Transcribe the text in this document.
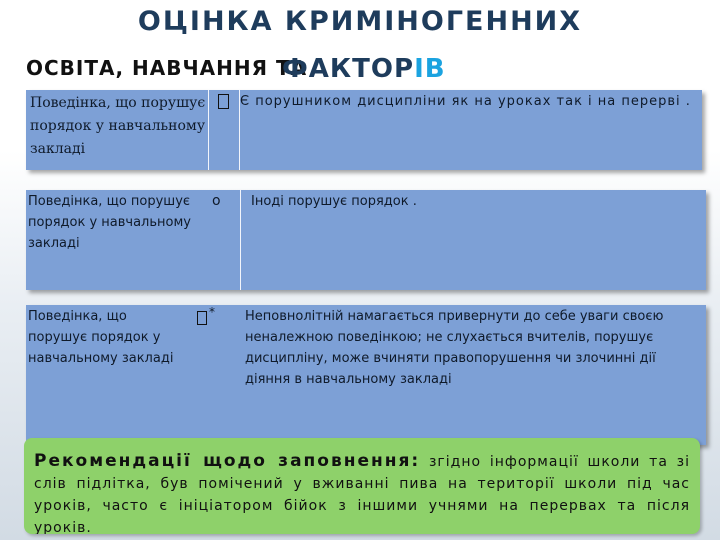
ОЦІНКА КРИМІНОГЕННИХ
ОСВІТА, НАВЧАННЯ ТА
ФАКТОРІВ
Поведінка, що порушує порядок у навчальному закладі
Є порушником дисципліни як на уроках так і на перерві .
Поведінка, що порушує порядок у навчальному закладі
o	Іноді порушує порядок .
Поведінка, що порушує порядок у навчальному закладі
* Неповнолітній намагається привернути до себе уваги своєю неналежною поведінкою; не слухається вчителів, порушує дисципліну, може вчиняти правопорушення чи злочинні дії діяння в навчальному закладі
Рекомендації щодо заповнення: згідно інформації школи та зі слів підлітка, був помічений у вживанні пива на території школи під час уроків, часто є ініціатором бійок з іншими учнями на перервах та після уроків.
